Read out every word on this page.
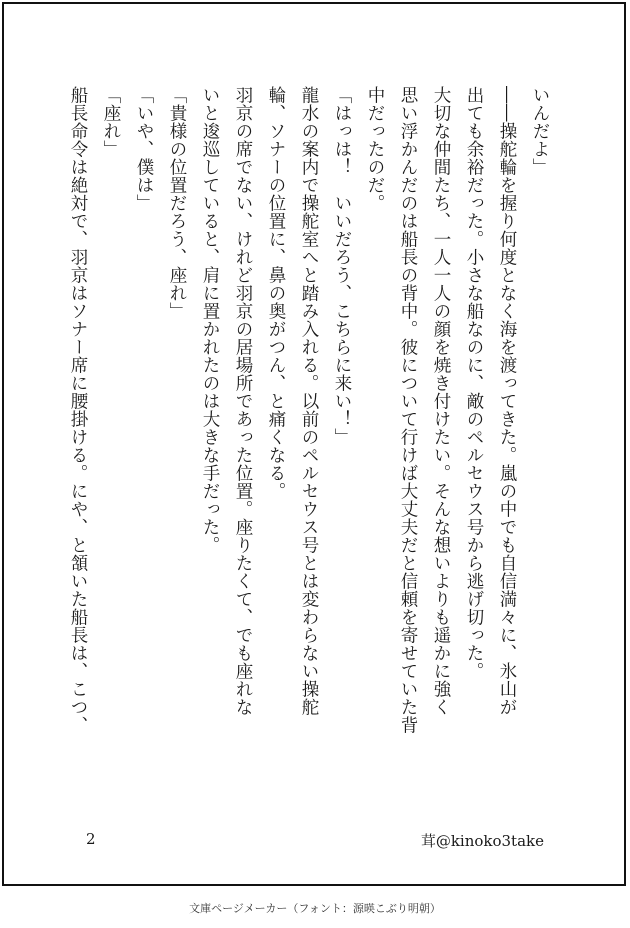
いんだよ」
――操舵輪を握り何度となく海を渡ってきた。嵐の中でも自信満々に、氷山が
出ても余裕だった。小さな船なのに、敵のペルセウス号から逃げ切った。
大切な仲間たち、一人一人の顔を焼き付けたい。そんな想いよりも遥かに強く
思い浮かんだのは船長の背中。彼について行けば大丈夫だと信頼を寄せていた背
中だったのだ。
「はっは！　いいだろう、こちらに来い！」
龍水の案内で操舵室へと踏み入れる。以前のペルセウス号とは変わらない操舵
輪、ソナーの位置に、鼻の奥がつん、と痛くなる。
羽京の席でない、けれど羽京の居場所であった位置。座りたくて、でも座れな
いと逡巡していると、肩に置かれたのは大きな手だった。
「貴様の位置だろう、座れ」
「いや、僕は」
「座れ」
船長命令は絶対で、羽京はソナー席に腰掛ける。にや、と頷いた船長は、こつ、
2	茸@kinoko3take
文庫ページメーカー（フォント：源暎こぶり明朝）
